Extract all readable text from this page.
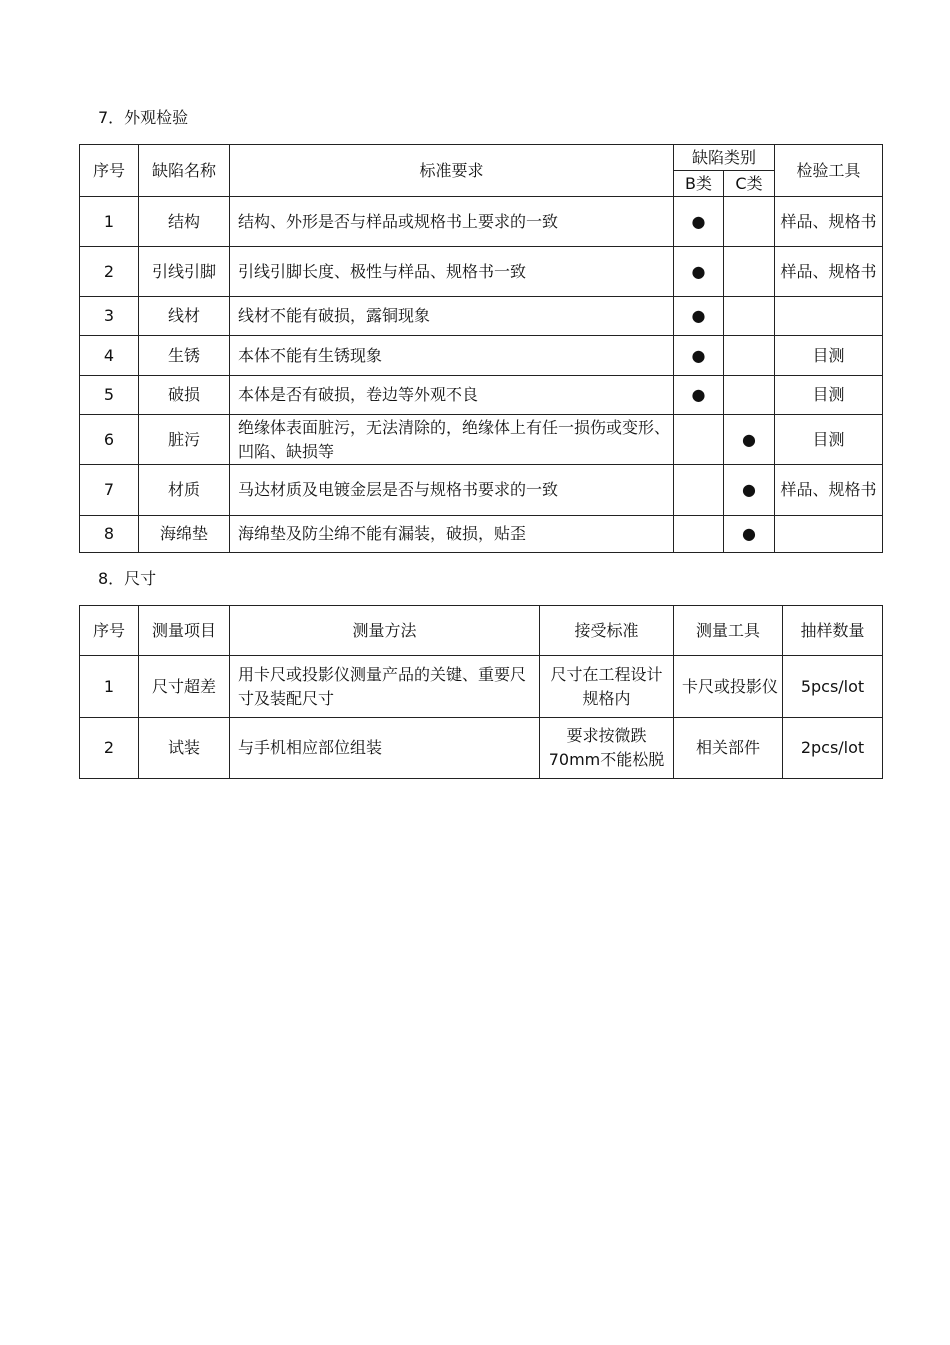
7．外观检验
序号	缺陷名称	标准要求	缺陷类别		检验工具
			B类	C类	
1	结构	结构、外形是否与样品或规格书上要求的一致	●		样品、规格书
2	引线引脚	引线引脚长度、极性与样品、规格书一致	●		样品、规格书
3	线材	线材不能有破损，露铜现象	●		
4	生锈	本体不能有生锈现象	●		目测
5	破损	本体是否有破损，卷边等外观不良	●		目测
6	脏污	绝缘体表面脏污，无法清除的，绝缘体上有任一损伤或变形、凹陷、缺损等		●	目测
7	材质	马达材质及电镀金层是否与规格书要求的一致		●	样品、规格书
8	海绵垫	海绵垫及防尘绵不能有漏装，破损，贴歪		●	
8．尺寸
序号	测量项目	测量方法	接受标准	测量工具	抽样数量
1	尺寸超差	用卡尺或投影仪测量产品的关键、重要尺寸及装配尺寸	尺寸在工程设计规格内	卡尺或投影仪	5pcs/lot
2	试装	与手机相应部位组装	要求按微跌70mm不能松脱	相关部件	2pcs/lot
